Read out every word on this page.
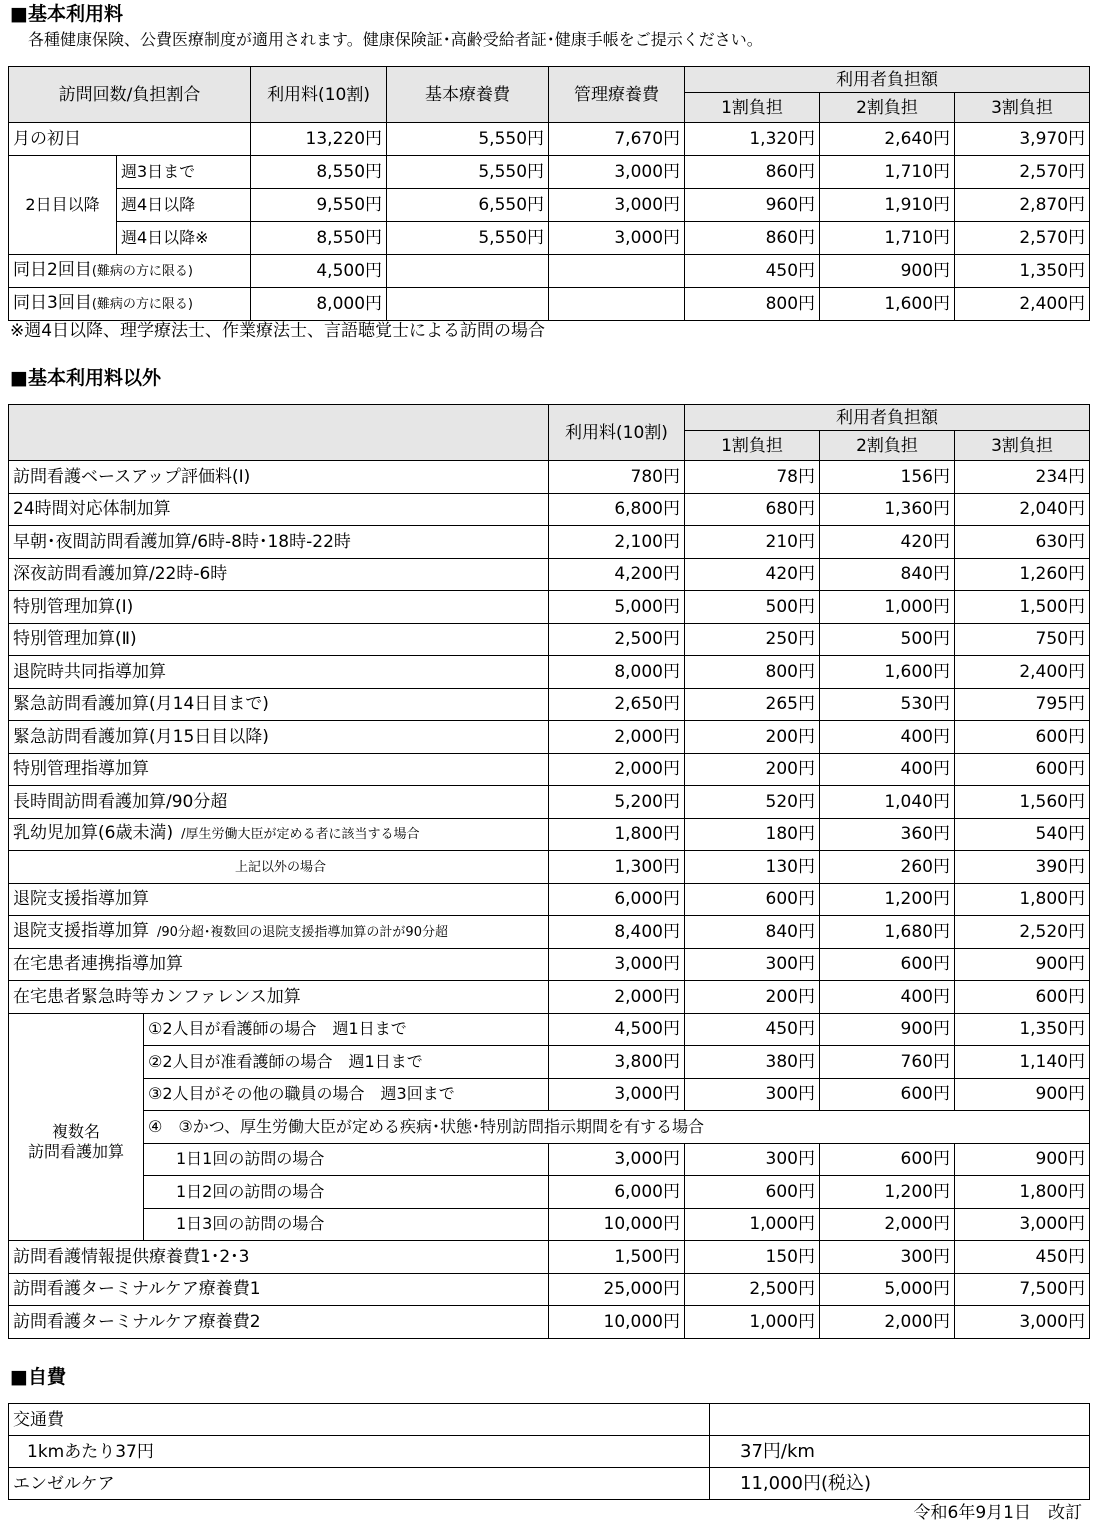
■基本利用料
各種健康保険、公費医療制度が適用されます。健康保険証･高齢受給者証･健康手帳をご提示ください。
訪問回数/負担割合		利用料(10割)	基本療養費	管理療養費	利用者負担額		
					1割負担	2割負担	3割負担
月の初日		13,220円	5,550円	7,670円	1,320円	2,640円	3,970円
2日目以降	週3日まで	8,550円	5,550円	3,000円	860円	1,710円	2,570円
	週4日以降	9,550円	6,550円	3,000円	960円	1,910円	2,870円
	週4日以降※	8,550円	5,550円	3,000円	860円	1,710円	2,570円
同日2回目(難病の方に限る)		4,500円			450円	900円	1,350円
同日3回目(難病の方に限る)		8,000円			800円	1,600円	2,400円
※週4日以降、理学療法士、作業療法士、言語聴覚士による訪問の場合
■基本利用料以外
		利用料(10割)	利用者負担額		
			1割負担	2割負担	3割負担
訪問看護ベースアップ評価料(Ⅰ)		780円	78円	156円	234円
24時間対応体制加算		6,800円	680円	1,360円	2,040円
早朝･夜間訪問看護加算/6時-8時･18時-22時		2,100円	210円	420円	630円
深夜訪問看護加算/22時-6時		4,200円	420円	840円	1,260円
特別管理加算(Ⅰ)		5,000円	500円	1,000円	1,500円
特別管理加算(Ⅱ)		2,500円	250円	500円	750円
退院時共同指導加算		8,000円	800円	1,600円	2,400円
緊急訪問看護加算(月14日目まで)		2,650円	265円	530円	795円
緊急訪問看護加算(月15日目以降)		2,000円	200円	400円	600円
特別管理指導加算		2,000円	200円	400円	600円
長時間訪問看護加算/90分超		5,200円	520円	1,040円	1,560円
乳幼児加算(6歳未満) /厚生労働大臣が定める者に該当する場合		1,800円	180円	360円	540円
上記以外の場合		1,300円	130円	260円	390円
退院支援指導加算		6,000円	600円	1,200円	1,800円
退院支援指導加算 /90分超･複数回の退院支援指導加算の計が90分超		8,400円	840円	1,680円	2,520円
在宅患者連携指導加算		3,000円	300円	600円	900円
在宅患者緊急時等カンファレンス加算		2,000円	200円	400円	600円

複数名
訪問看護加算	①2人目が看護師の場合　週1日まで	4,500円	450円	900円	1,350円
	②2人目が准看護師の場合　週1日まで	3,800円	380円	760円	1,140円
	③2人目がその他の職員の場合　週3回まで	3,000円	300円	600円	900円
	④　③かつ、厚生労働大臣が定める疾病･状態･特別訪問指示期間を有する場合				
	1日1回の訪問の場合	3,000円	300円	600円	900円
	1日2回の訪問の場合	6,000円	600円	1,200円	1,800円
	1日3回の訪問の場合	10,000円	1,000円	2,000円	3,000円
訪問看護情報提供療養費1･2･3		1,500円	150円	300円	450円
訪問看護ターミナルケア療養費1		25,000円	2,500円	5,000円	7,500円
訪問看護ターミナルケア療養費2		10,000円	1,000円	2,000円	3,000円
■自費
交通費	
1kmあたり37円	37円/km
エンゼルケア	11,000円(税込)
令和6年9月1日　改訂
